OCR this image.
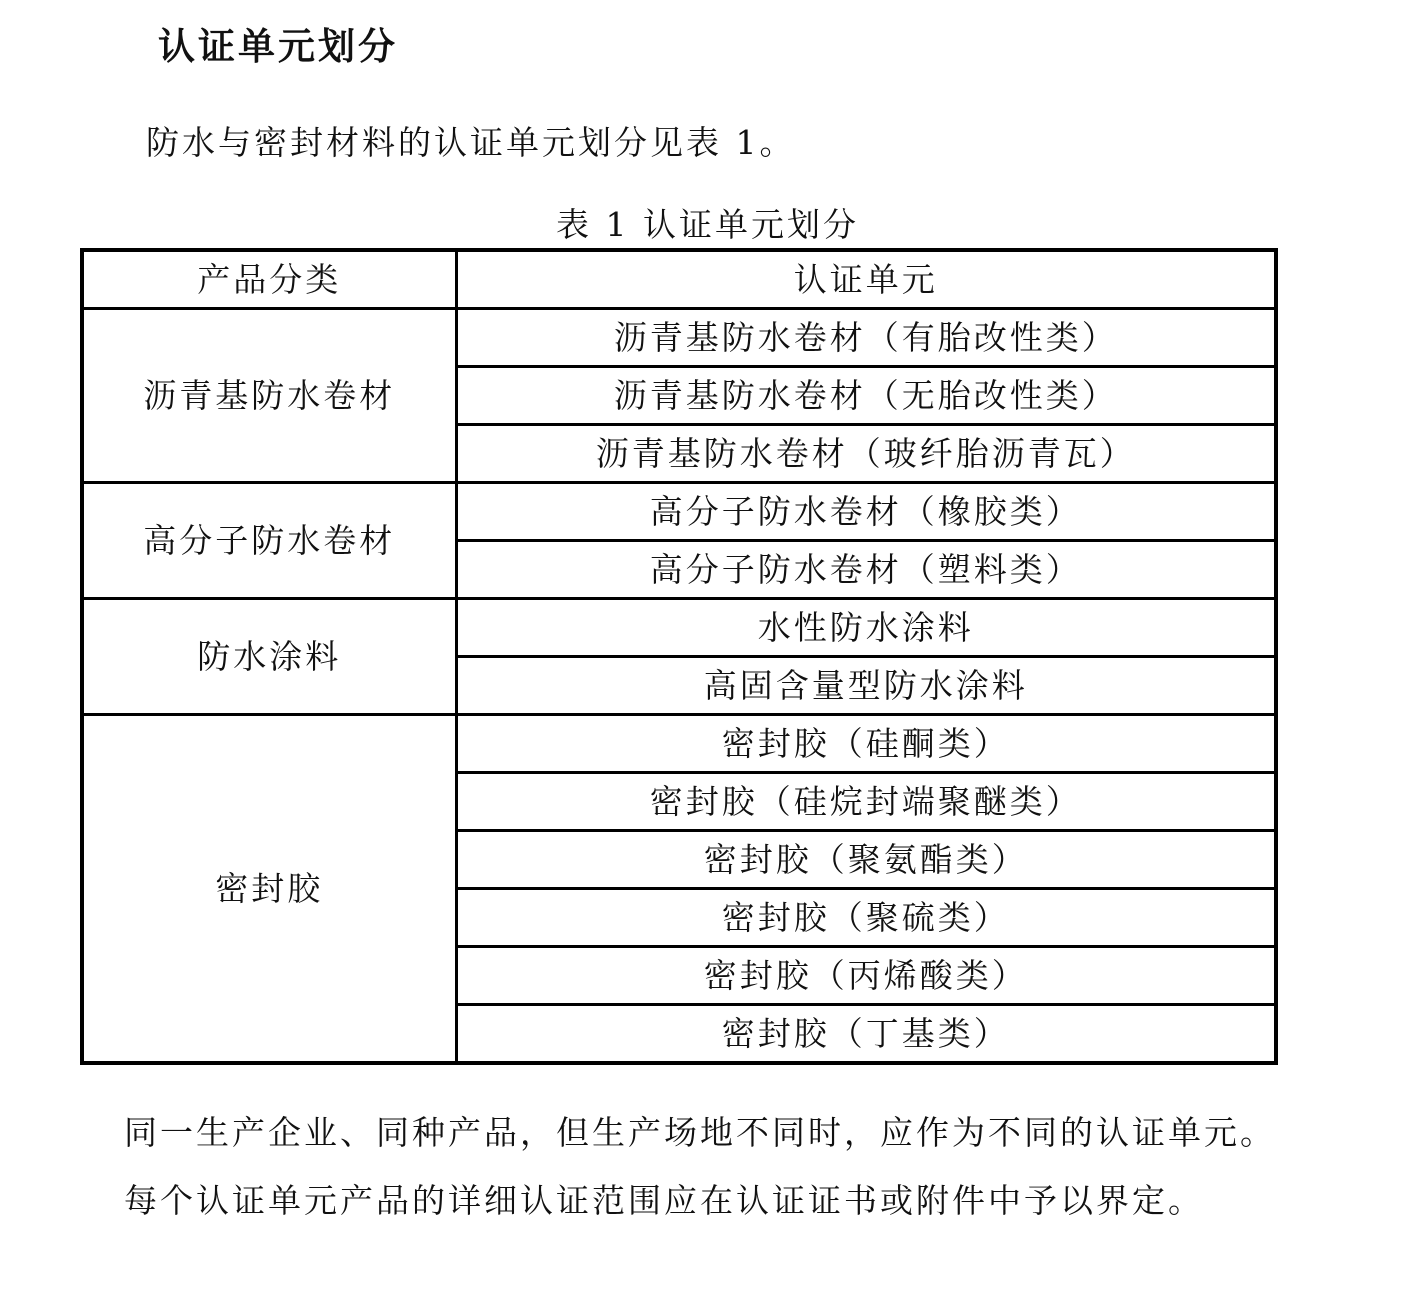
认证单元划分

防水与密封材料的认证单元划分见表 1。

表 1 认证单元划分

产品分类	认证单元
沥青基防水卷材	沥青基防水卷材（有胎改性类）
	沥青基防水卷材（无胎改性类）
	沥青基防水卷材（玻纤胎沥青瓦）
高分子防水卷材	高分子防水卷材（橡胶类）
	高分子防水卷材（塑料类）
防水涂料	水性防水涂料
	高固含量型防水涂料
密封胶	密封胶（硅酮类）
	密封胶（硅烷封端聚醚类）
	密封胶（聚氨酯类）
	密封胶（聚硫类）
	密封胶（丙烯酸类）
	密封胶（丁基类）

同一生产企业、同种产品，但生产场地不同时，应作为不同的认证单元。

每个认证单元产品的详细认证范围应在认证证书或附件中予以界定。
